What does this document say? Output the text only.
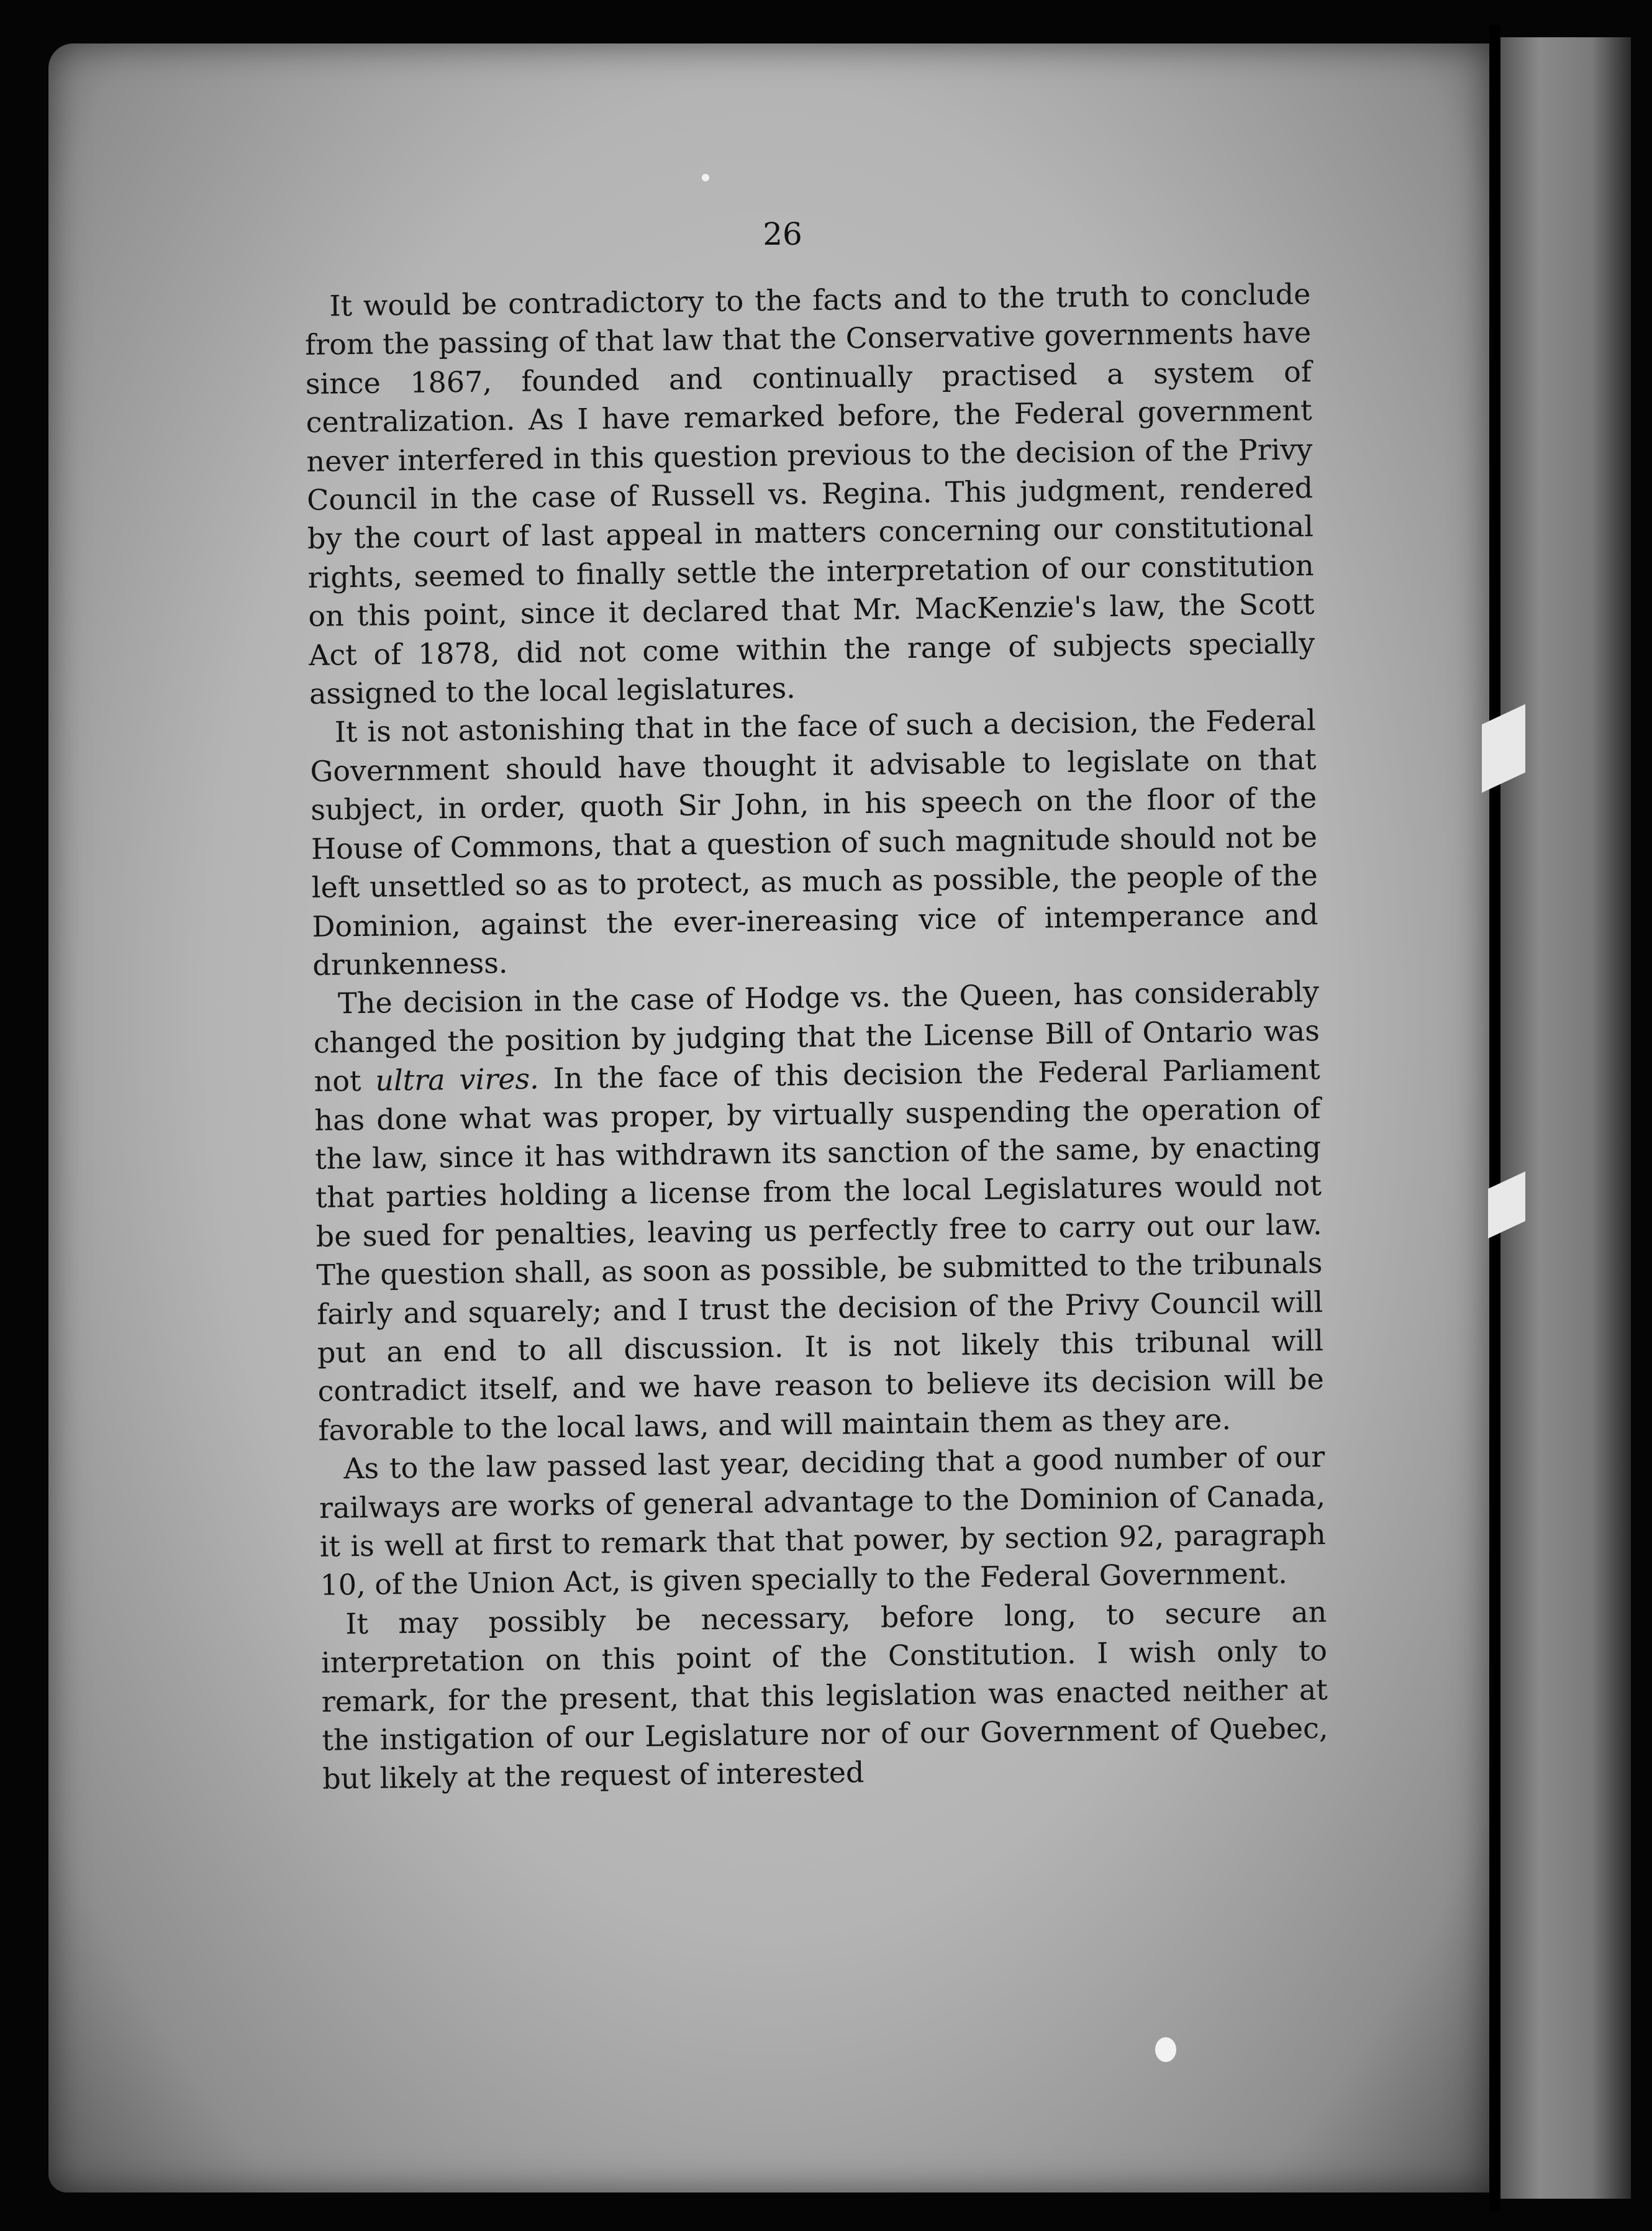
26

It would be contradictory to the facts and to the truth to conclude from the passing of that law that the Conservative governments have since 1867, founded and continually practised a system of centralization. As I have remarked before, the Federal government never interfered in this question previous to the decision of the Privy Council in the case of Russell vs. Regina. This judgment, rendered by the court of last appeal in matters concerning our constitutional rights, seemed to finally settle the interpretation of our constitution on this point, since it declared that Mr. MacKenzie's law, the Scott Act of 1878, did not come within the range of subjects specially assigned to the local legislatures.

It is not astonishing that in the face of such a decision, the Federal Government should have thought it advisable to legislate on that subject, in order, quoth Sir John, in his speech on the floor of the House of Commons, that a question of such magnitude should not be left unsettled so as to protect, as much as possible, the people of the Dominion, against the ever-inereasing vice of intemperance and drunkenness.

The decision in the case of Hodge vs. the Queen, has considerably changed the position by judging that the License Bill of Ontario was not ultra vires. In the face of this decision the Federal Parliament has done what was proper, by virtually suspending the operation of the law, since it has withdrawn its sanction of the same, by enacting that parties holding a license from the local Legislatures would not be sued for penalties, leaving us perfectly free to carry out our law. The question shall, as soon as possible, be submitted to the tribunals fairly and squarely; and I trust the decision of the Privy Council will put an end to all discussion. It is not likely this tribunal will contradict itself, and we have reason to believe its decision will be favorable to the local laws, and will maintain them as they are.

As to the law passed last year, deciding that a good number of our railways are works of general advantage to the Dominion of Canada, it is well at first to remark that that power, by section 92, paragraph 10, of the Union Act, is given specially to the Federal Government.

It may possibly be necessary, before long, to secure an interpretation on this point of the Constitution. I wish only to remark, for the present, that this legislation was enacted neither at the instigation of our Legislature nor of our Government of Quebec, but likely at the request of interested
